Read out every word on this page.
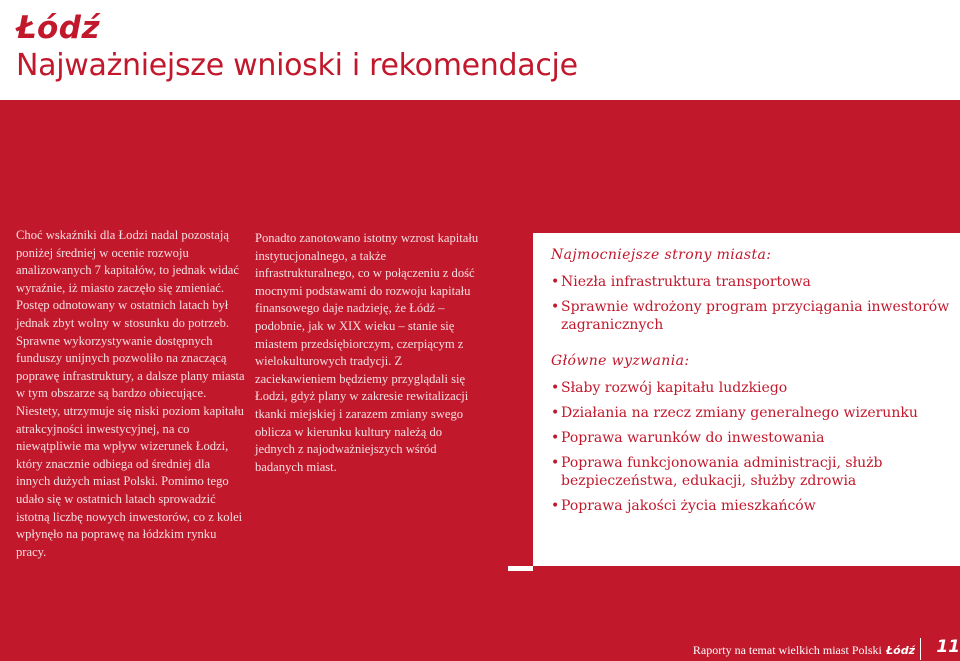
Łódź
Najważniejsze wnioski i rekomendacje

Choć wskaźniki dla Łodzi nadal pozostają poniżej średniej w ocenie rozwoju analizowanych 7 kapitałów, to jednak widać wyraźnie, iż miasto zaczęło się zmieniać. Postęp odnotowany w ostatnich latach był jednak zbyt wolny w stosunku do potrzeb. Sprawne wykorzystywanie dostępnych funduszy unijnych pozwoliło na znaczącą poprawę infrastruktury, a dalsze plany miasta w tym obszarze są bardzo obiecujące. Niestety, utrzymuje się niski poziom kapitału atrakcyjności inwestycyjnej, na co niewątpliwie ma wpływ wizerunek Łodzi, który znacznie odbiega od średniej dla innych dużych miast Polski. Pomimo tego udało się w ostatnich latach sprowadzić istotną liczbę nowych inwestorów, co z kolei wpłynęło na poprawę na łódzkim rynku pracy.

Ponadto zanotowano istotny wzrost kapitału instytucjonalnego, a także infrastrukturalnego, co w połączeniu z dość mocnymi podstawami do rozwoju kapitału finansowego daje nadzieję, że Łódź – podobnie, jak w XIX wieku – stanie się miastem przedsiębiorczym, czerpiącym z wielokulturowych tradycji. Z zaciekawieniem będziemy przyglądali się Łodzi, gdyż plany w zakresie rewitalizacji tkanki miejskiej i zarazem zmiany swego oblicza w kierunku kultury należą do jednych z najodważniejszych wśród badanych miast.

Najmocniejsze strony miasta:
• Niezła infrastruktura transportowa
• Sprawnie wdrożony program przyciągania inwestorów zagranicznych
Główne wyzwania:
• Słaby rozwój kapitału ludzkiego
• Działania na rzecz zmiany generalnego wizerunku
• Poprawa warunków do inwestowania
• Poprawa funkcjonowania administracji, służb bezpieczeństwa, edukacji, służby zdrowia
• Poprawa jakości życia mieszkańców
Raporty na temat wielkich miast Polski Łódź 11
